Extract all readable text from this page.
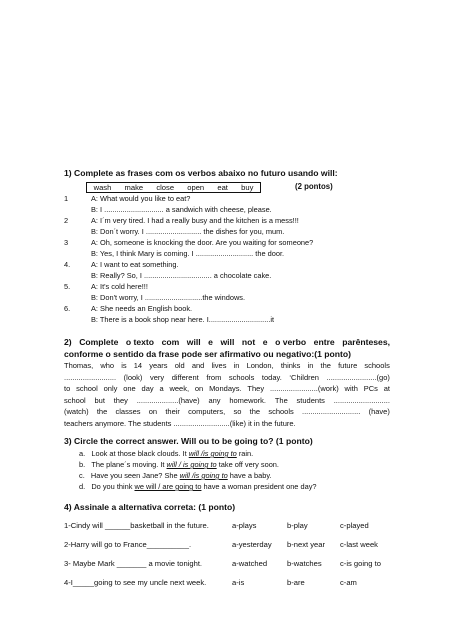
1) Complete as frases com os verbos abaixo no futuro usando will:
wash make close open eat buy	(2 pontos)
1	A: What would you like to eat?
B: I ............................. a sandwich with cheese, please.
2	A: I´m very tired. I had a really busy and the kitchen is a mess!!!
B: Don´t worry. I ........................... the dishes for you, mum.
3	A: Oh, someone is knocking the door. Are you waiting for someone?
B: Yes, I think Mary is coming. I ............................ the door.
4.	A: I want to eat something.
B: Really? So, I ................................. a chocolate cake.
5.	A: It's cold here!!!
B: Don't worry, I ............................the windows.
6.	A: She needs an English book.
B: There is a book shop near here. I..............................it
2) Complete o texto com will e will not e o verbo entre parênteses,
conforme o sentido da frase pode ser afirmativo ou negativo:(1 ponto)
Thomas, who is 14 years old and lives in London, thinks in the future schools
......................... (look) very different from schools today. ‘Children ........................(go)
to school only one day a week, on Mondays. They .......................(work) with PCs at
school but they ....................(have) any homework. The students ...........................
(watch) the classes on their computers, so the schools ............................ (have)
teachers anymore. The students ...........................(like) it in the future.
3) Circle the correct answer. Will ou to be going to? (1 ponto)
a. Look at those black clouds. It will /is going to rain.
b. The plane´s moving. It will / is going to take off very soon.
c. Have you seen Jane? She will /is going to have a baby.
d. Do you think we will / are going to have a woman president one day?
4) Assinale a alternativa correta: (1 ponto)
1-Cindy will ______basketball in the future.	a-plays	b-play	c-played
2-Harry will go to France__________.	a-yesterday b-next year c-last week
3- Maybe Mark _______ a movie tonight.	a-watched	b-watches c-is going to
4-I_____going to see my uncle next week.	a-is	b-are	c-am
